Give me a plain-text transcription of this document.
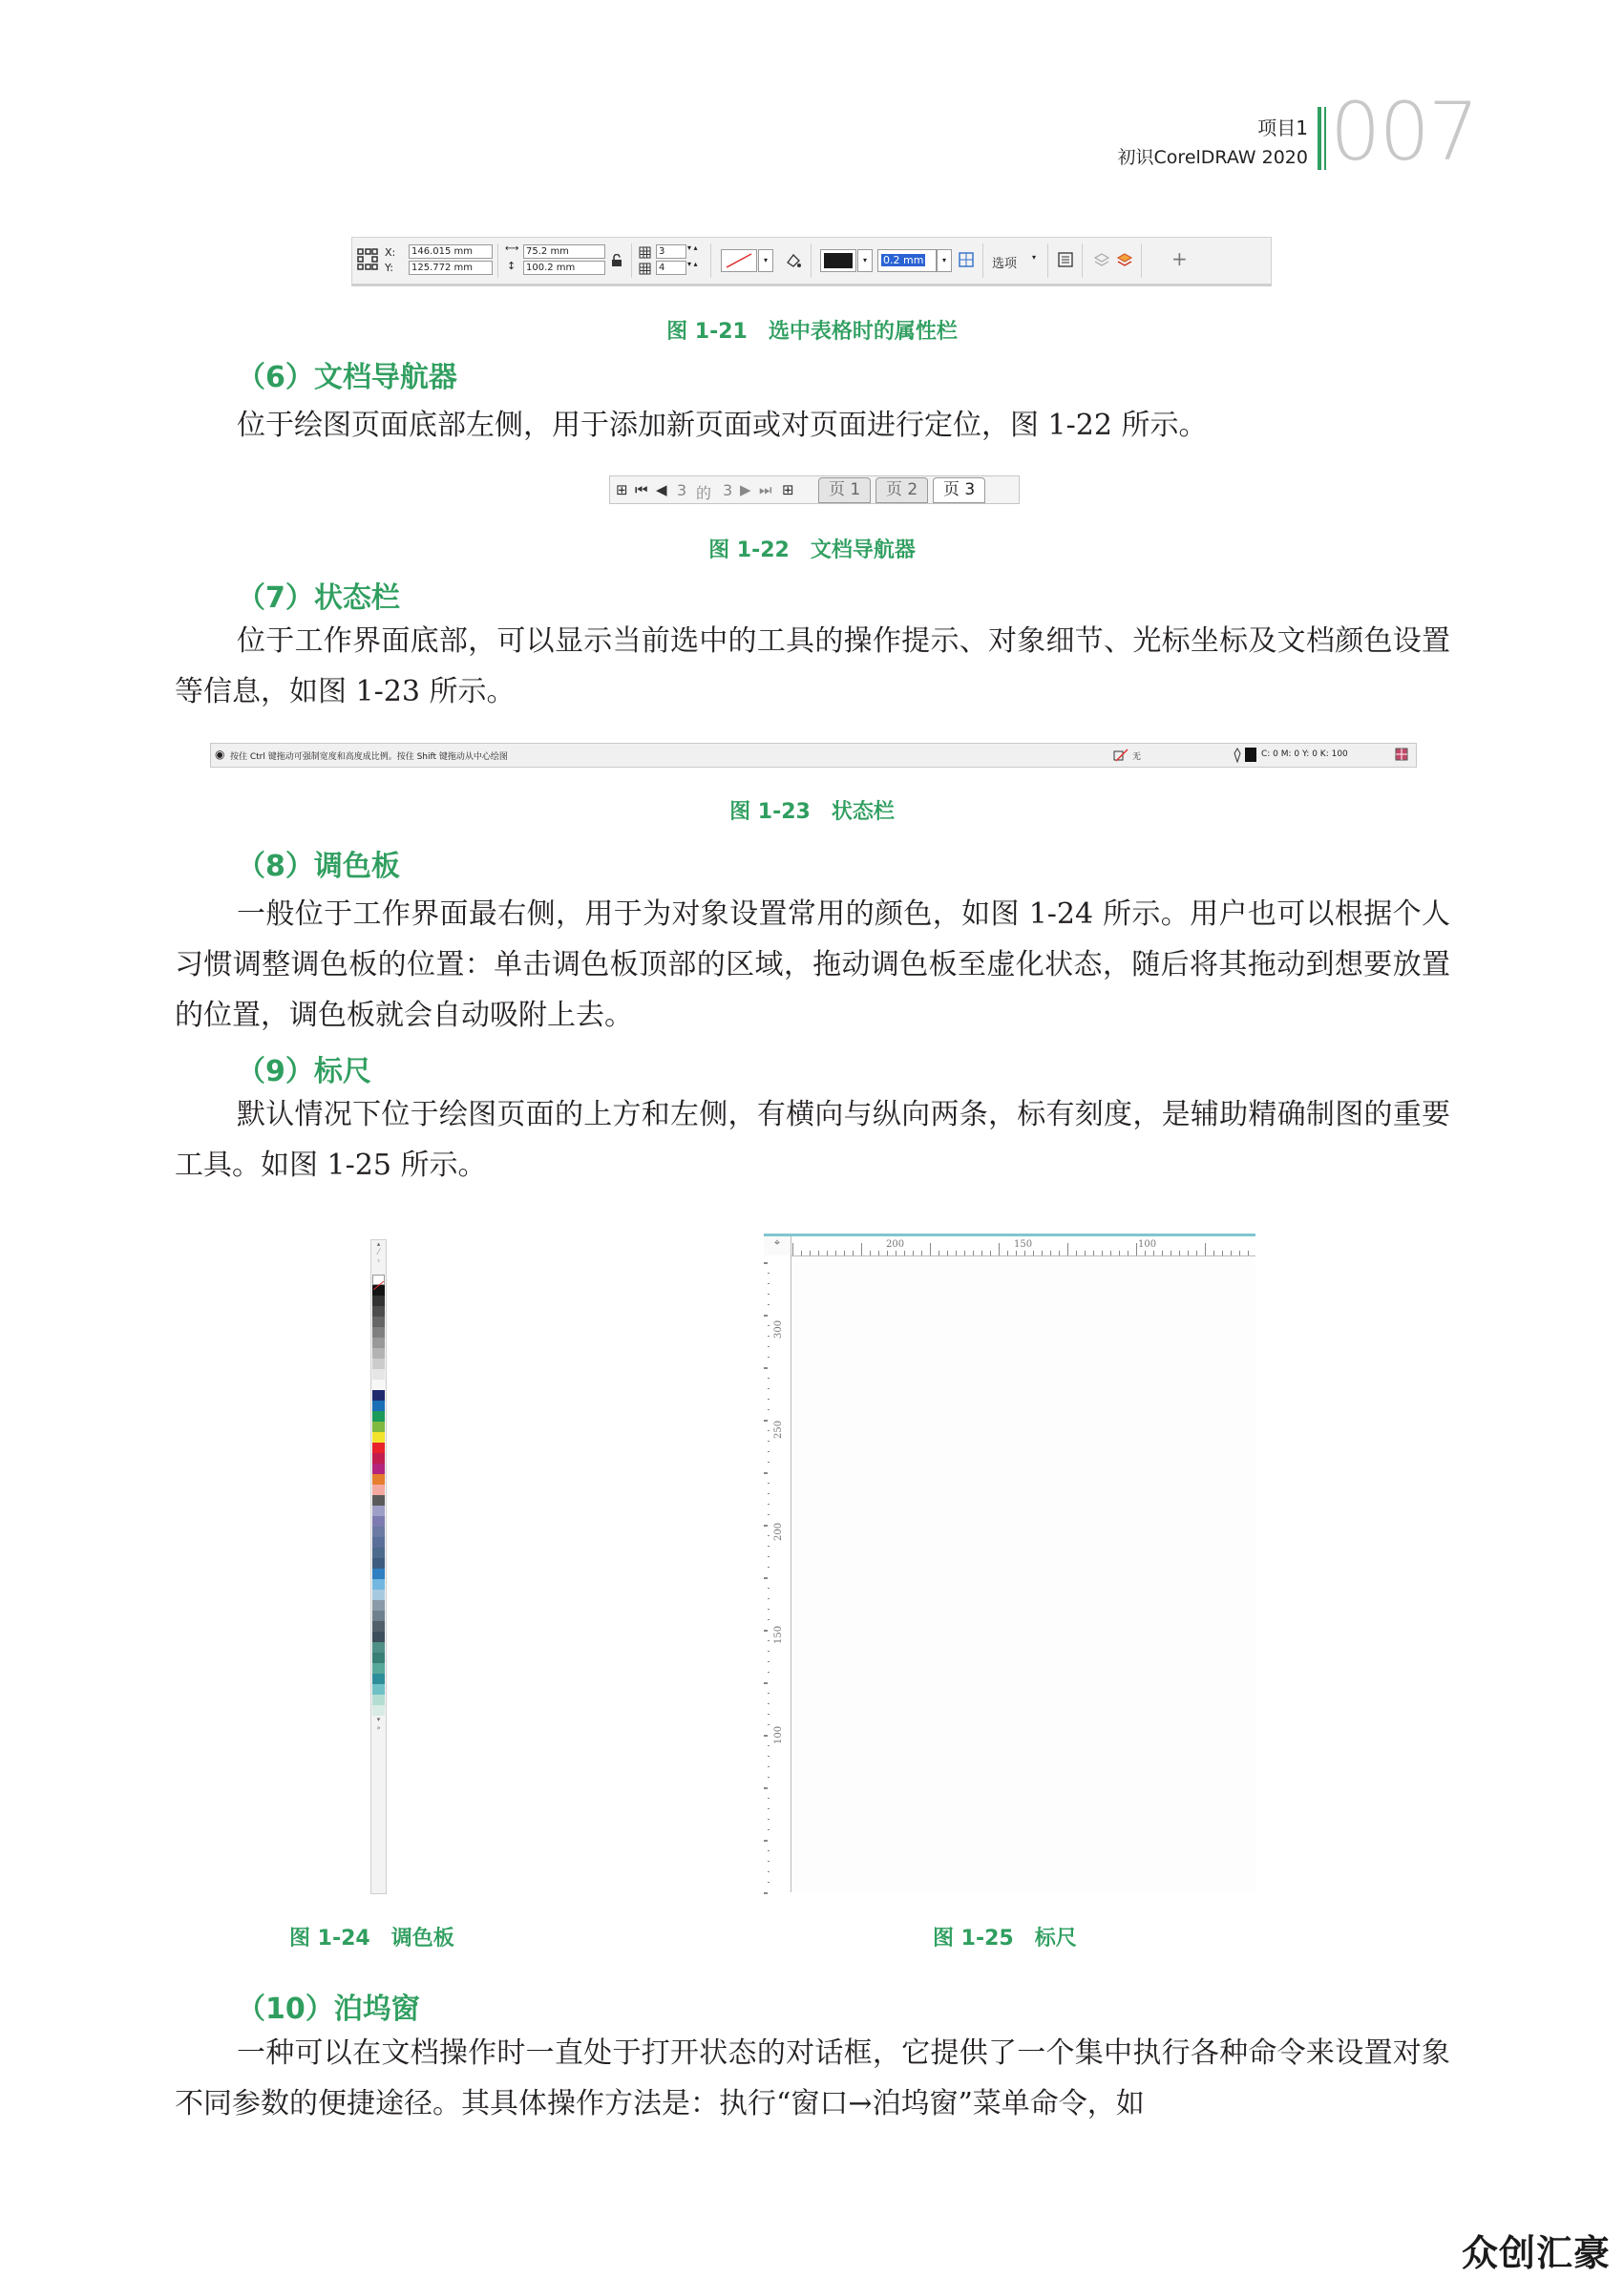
项目1
初识CorelDRAW 2020 007
X:
Y:
146.015 mm
125.772 mm
⟷
↕
75.2 mm
100.2 mm
3
4
▾ ▴
▾ ▴	▾	▾	0.2 mm	▾	选项 ▾	+
图 1-21　选中表格时的属性栏
（6）文档导航器
位于绘图页面底部左侧，用于添加新页面或对页面进行定位，图 1-22 所示。
⊞ ⏮ ◀ 3 的 3 ▶ ⏭ ⊞	页 1	页 2	页 3
图 1-22　文档导航器
（7）状态栏
位于工作界面底部，可以显示当前选中的工具的操作提示、对象细节、光标坐标及文档颜色设置等信息，如图 1-23 所示。
◉ 按住 Ctrl 键拖动可强制宽度和高度成比例。按住 Shift 键拖动从中心绘图	无	C: 0 M: 0 Y: 0 K: 100
图 1-23　状态栏
（8）调色板
一般位于工作界面最右侧，用于为对象设置常用的颜色，如图 1-24 所示。用户也可以根据个人习惯调整调色板的位置：单击调色板顶部的区域，拖动调色板至虚化状态，随后将其拖动到想要放置的位置，调色板就会自动吸附上去。
（9）标尺
默认情况下位于绘图页面的上方和左侧，有横向与纵向两条，标有刻度，是辅助精确制图的重要工具。如图 1-25 所示。
▴
⁄
›
▾
»
图 1-24　调色板
⌖	200	150	100
300
250
200
150
100
图 1-25　标尺
（10）泊坞窗
一种可以在文档操作时一直处于打开状态的对话框，它提供了一个集中执行各种命令来设置对象不同参数的便捷途径。其具体操作方法是：执行“窗口→泊坞窗”菜单命令，如
众创汇豪
